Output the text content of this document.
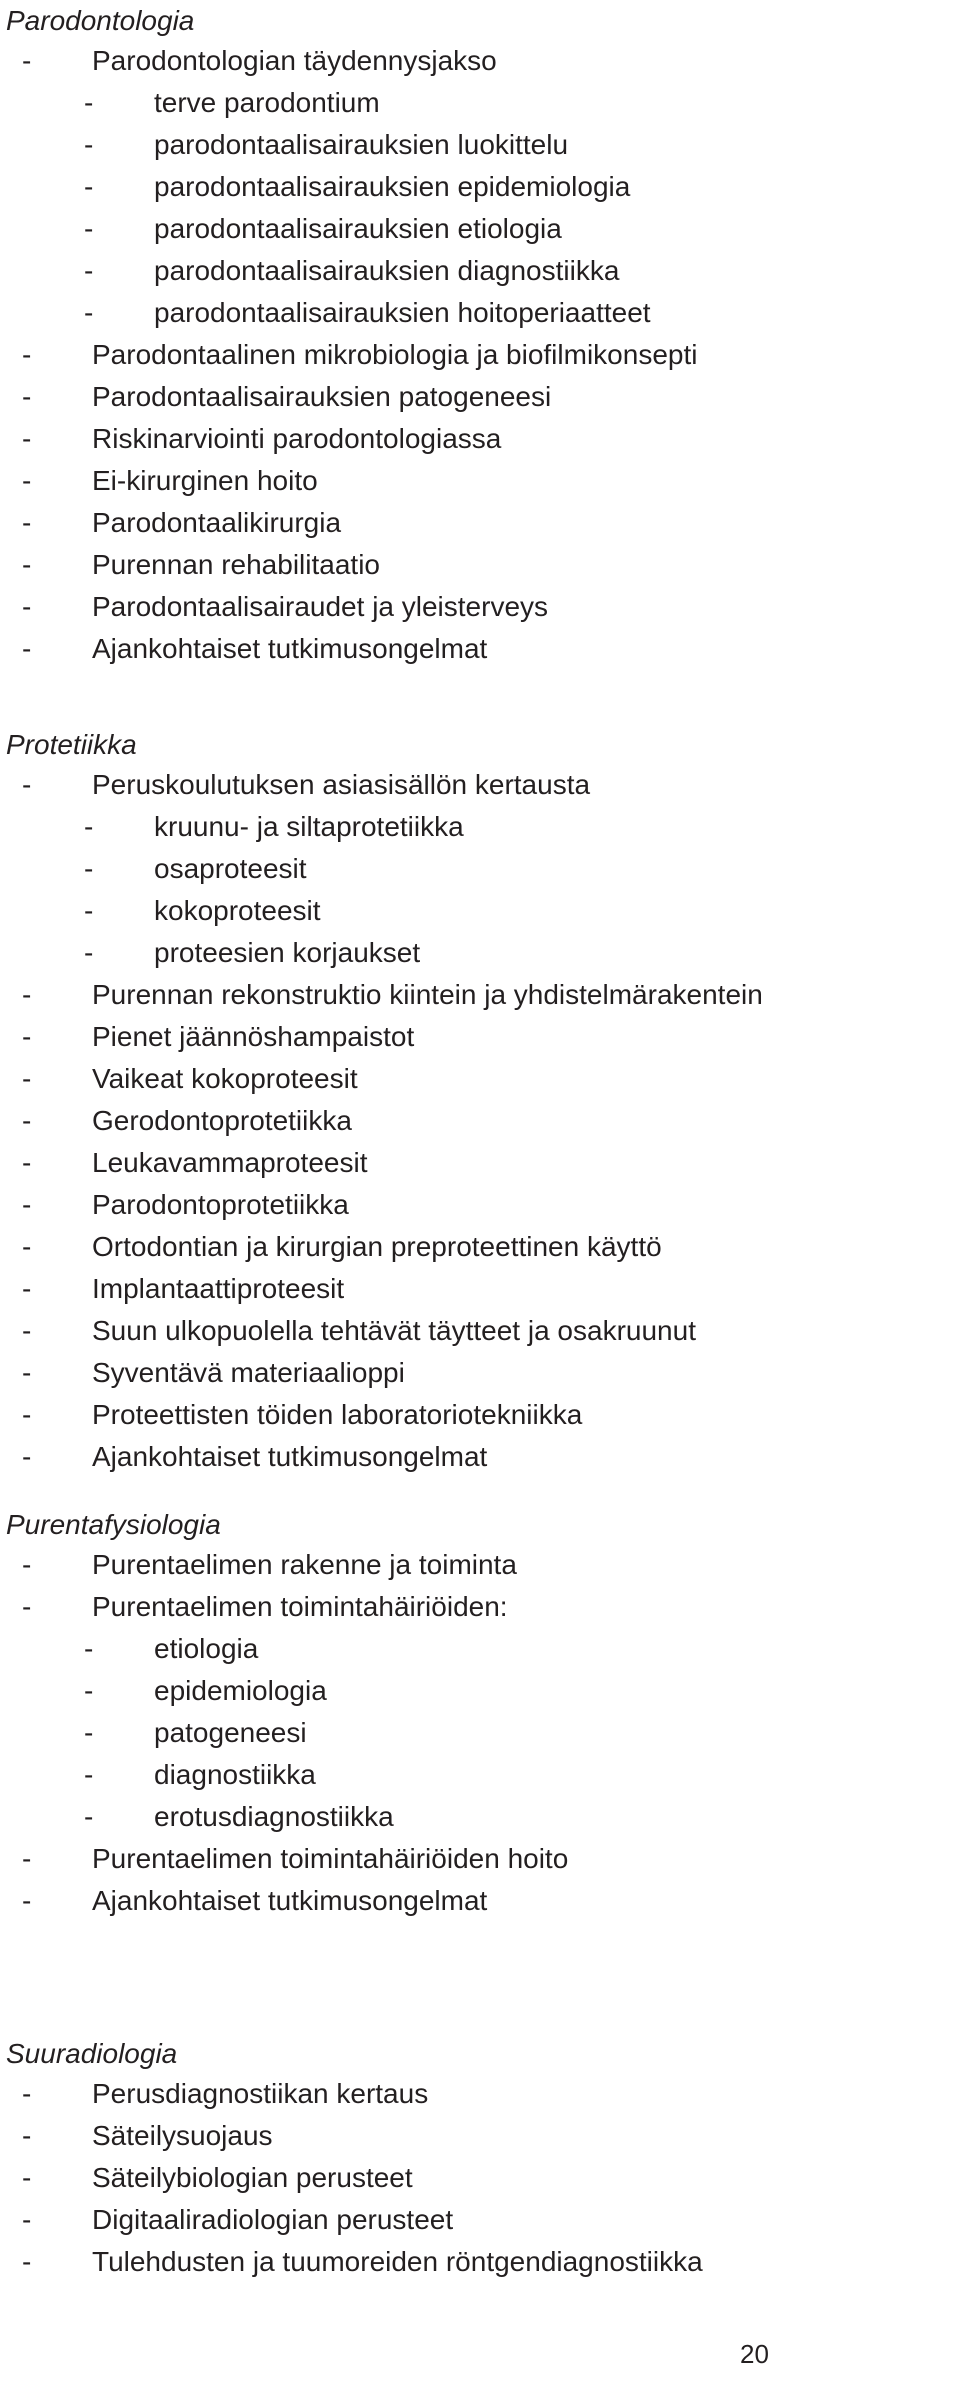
Parodontologia
- Parodontologian täydennysjakso
- terve parodontium
- parodontaalisairauksien luokittelu
- parodontaalisairauksien epidemiologia
- parodontaalisairauksien etiologia
- parodontaalisairauksien diagnostiikka
- parodontaalisairauksien hoitoperiaatteet
- Parodontaalinen mikrobiologia ja biofilmikonsepti
- Parodontaalisairauksien patogeneesi
- Riskinarviointi parodontologiassa
- Ei-kirurginen hoito
- Parodontaalikirurgia
- Purennan rehabilitaatio
- Parodontaalisairaudet ja yleisterveys
- Ajankohtaiset tutkimusongelmat
Protetiikka
- Peruskoulutuksen asiasisällön kertausta
- kruunu- ja siltaprotetiikka
- osaproteesit
- kokoproteesit
- proteesien korjaukset
- Purennan rekonstruktio kiintein ja yhdistelmärakentein
- Pienet jäännöshampaistot
- Vaikeat kokoproteesit
- Gerodontoprotetiikka
- Leukavammaproteesit
- Parodontoprotetiikka
- Ortodontian ja kirurgian preproteettinen käyttö
- Implantaattiproteesit
- Suun ulkopuolella tehtävät täytteet ja osakruunut
- Syventävä materiaalioppi
- Proteettisten töiden laboratoriotekniikka
- Ajankohtaiset tutkimusongelmat
Purentafysiologia
- Purentaelimen rakenne ja toiminta
- Purentaelimen toimintahäiriöiden:
- etiologia
- epidemiologia
- patogeneesi
- diagnostiikka
- erotusdiagnostiikka
- Purentaelimen toimintahäiriöiden hoito
- Ajankohtaiset tutkimusongelmat
Suuradiologia
- Perusdiagnostiikan kertaus
- Säteilysuojaus
- Säteilybiologian perusteet
- Digitaaliradiologian perusteet
- Tulehdusten ja tuumoreiden röntgendiagnostiikka
20
